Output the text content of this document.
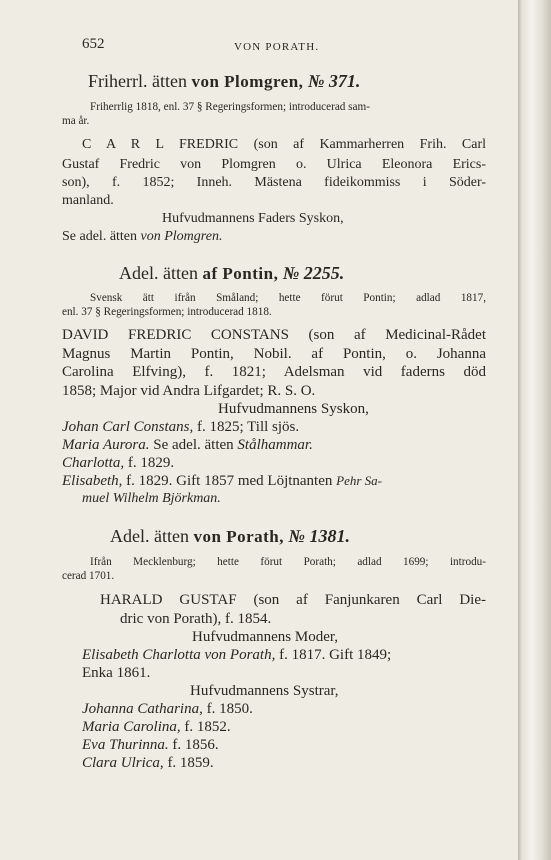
652	VON PORATH.
Friherrl. ätten von Plomgren, № 371.
Friherrlig 1818, enl. 37 § Regeringsformen; introducerad sam-
ma år.
C A R L FREDRIC (son af Kammarherren Frih. Carl
Gustaf Fredric von Plomgren o. Ulrica Eleonora Erics-
son), f. 1852; Inneh. Mästena fideikommiss i Söder-
manland.
Hufvudmannens Faders Syskon,
Se adel. ätten von Plomgren.
Adel. ätten af Pontin, № 2255.
Svensk ätt ifrån Småland; hette förut Pontin; adlad 1817,
enl. 37 § Regeringsformen; introducerad 1818.
DAVID FREDRIC CONSTANS (son af Medicinal-Rådet
Magnus Martin Pontin, Nobil. af Pontin, o. Johanna
Carolina Elfving), f. 1821; Adelsman vid faderns död
1858; Major vid Andra Lifgardet; R. S. O.
Hufvudmannens Syskon,
Johan Carl Constans, f. 1825; Till sjös.
Maria Aurora. Se adel. ätten Stålhammar.
Charlotta, f. 1829.
Elisabeth, f. 1829. Gift 1857 med Löjtnanten Pehr Sa-
muel Wilhelm Björkman.
Adel. ätten von Porath, № 1381.
Ifrån Mecklenburg; hette förut Porath; adlad 1699; introdu-
cerad 1701.
HARALD GUSTAF (son af Fanjunkaren Carl Die-
dric von Porath), f. 1854.
Hufvudmannens Moder,
Elisabeth Charlotta von Porath, f. 1817. Gift 1849;
Enka 1861.
Hufvudmannens Systrar,
Johanna Catharina, f. 1850.
Maria Carolina, f. 1852.
Eva Thurinna. f. 1856.
Clara Ulrica, f. 1859.
